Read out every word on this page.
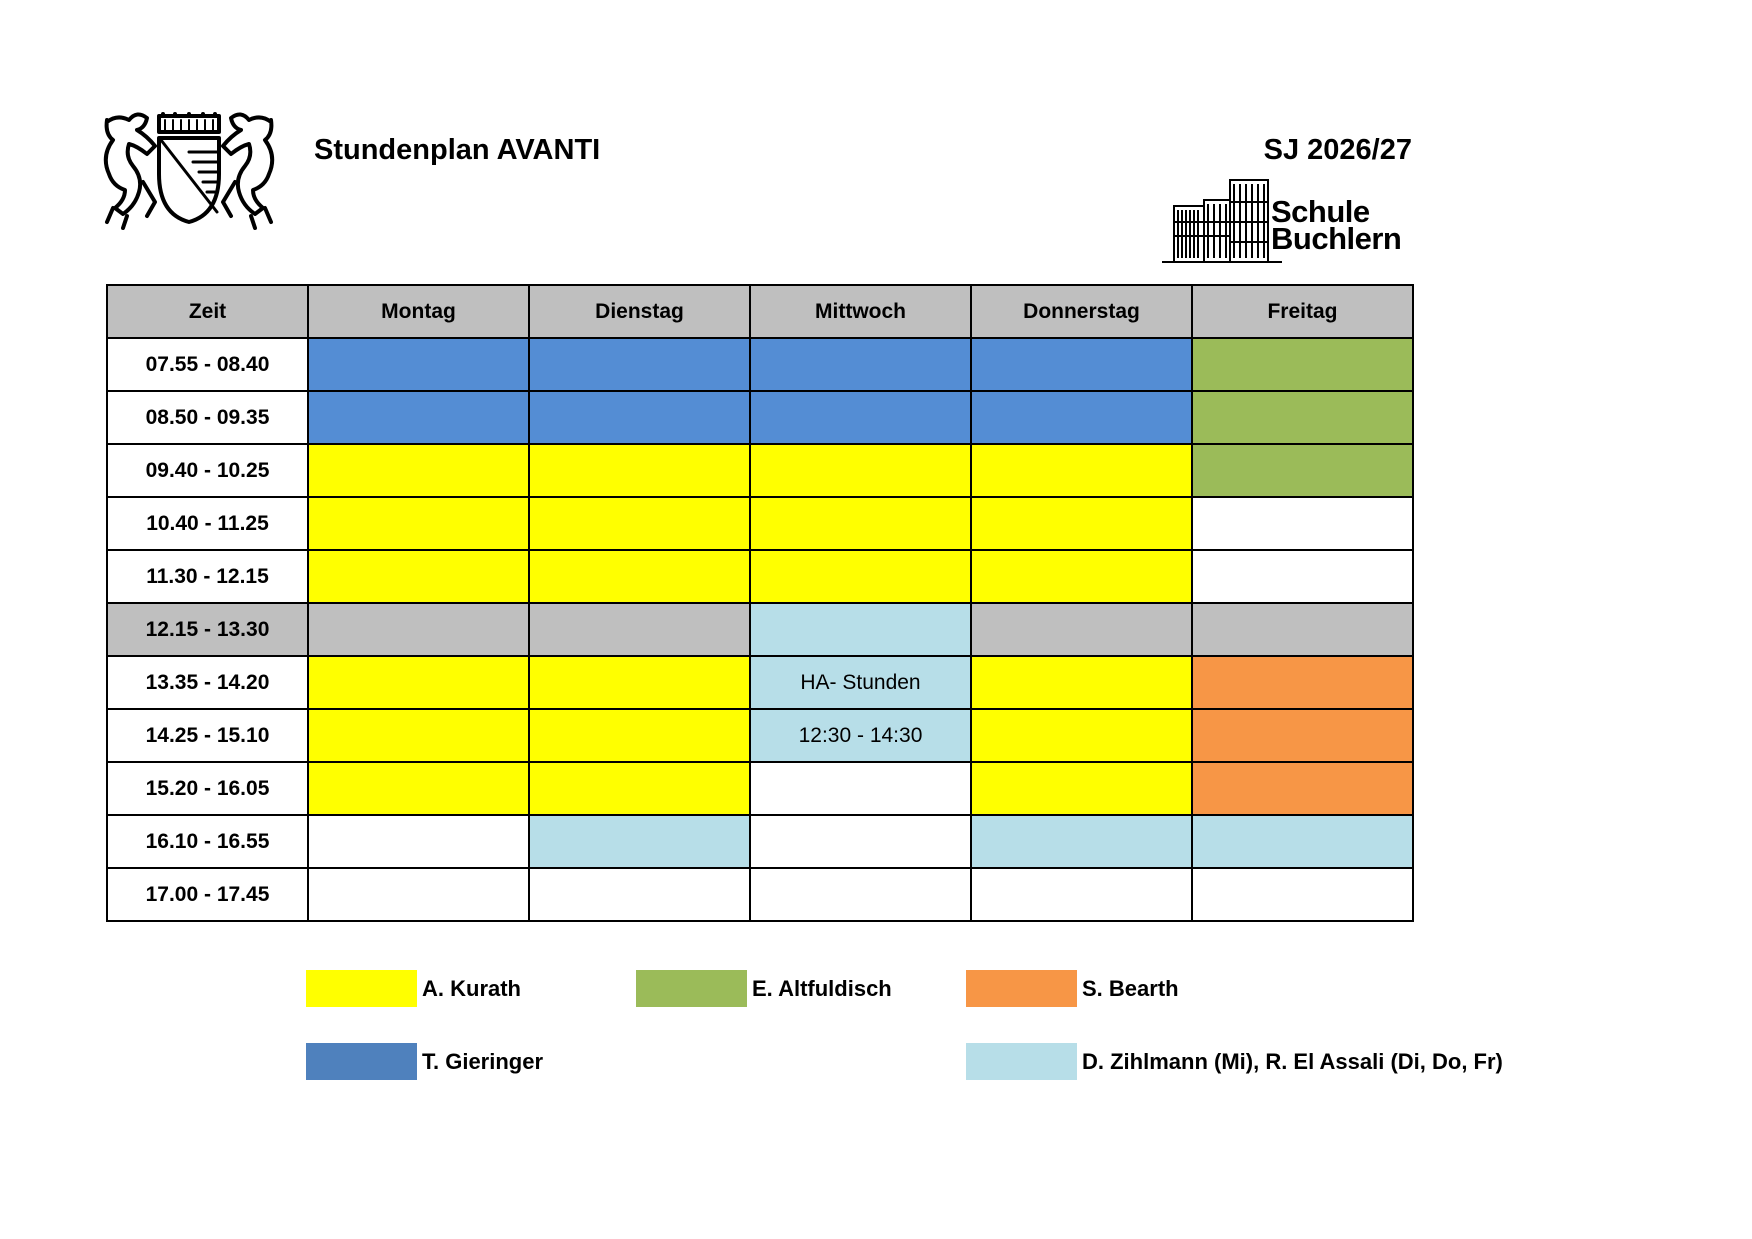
Stundenplan AVANTI	SJ 2026/27
Schule
Buchlern
Zeit	Montag	Dienstag	Mittwoch	Donnerstag	Freitag
07.55 - 08.40					
08.50 - 09.35					
09.40 - 10.25					
10.40 - 11.25					
11.30 - 12.15					
12.15 - 13.30					
13.35 - 14.20			HA- Stunden		
14.25 - 15.10			12:30 - 14:30		
15.20 - 16.05					
16.10 - 16.55					
17.00 - 17.45					
A. Kurath	E. Altfuldisch	S. Bearth
T. Gieringer	D. Zihlmann (Mi), R. El Assali (Di, Do, Fr)
